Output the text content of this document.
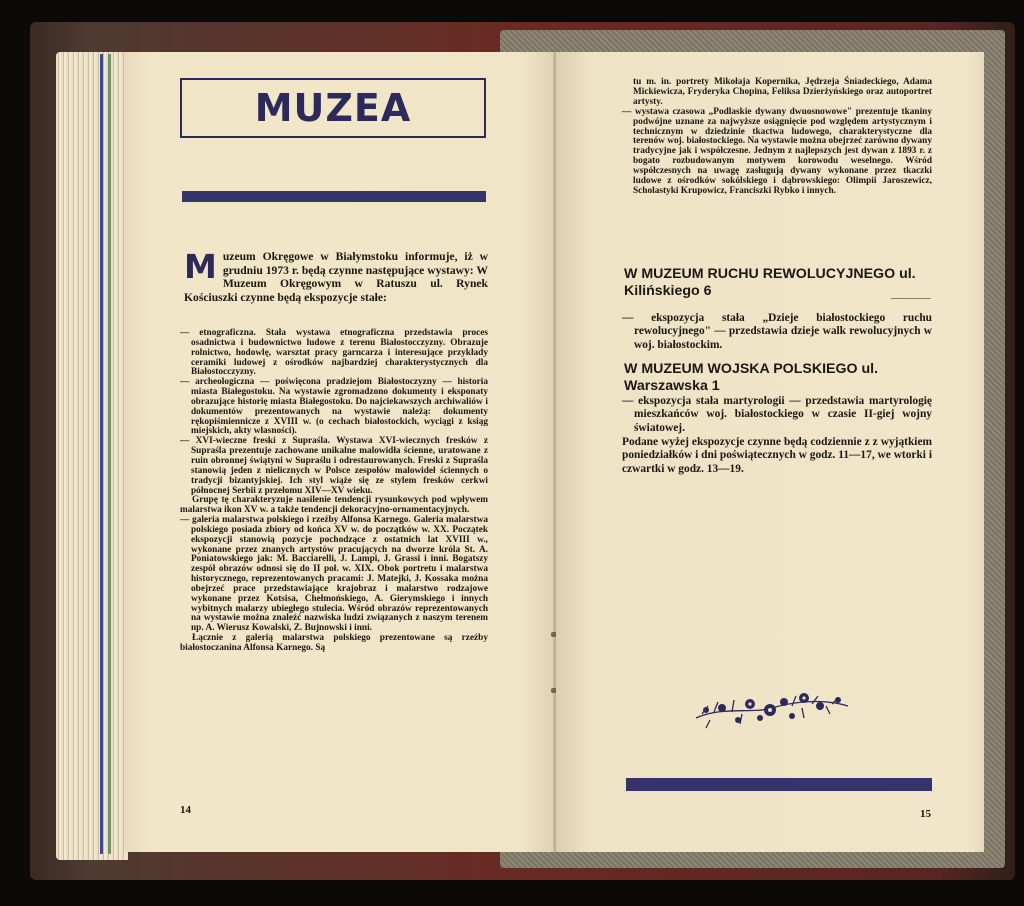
MUZEA
Muzeum Okręgowe w Białymstoku informuje, iż w grudniu 1973 r. będą czynne następujące wystawy: W Muzeum Okręgowym w Ratuszu ul. Rynek Kościuszki czynne będą ekspozycje stałe:

— etnograficzna. Stała wystawa etnograficzna przedstawia proces osadnictwa i budownictwo ludowe z terenu Białostocczyzny. Obrazuje rolnictwo, hodowlę, warsztat pracy garncarza i interesujące przykłady ceramiki ludowej z ośrodków najbardziej charakterystycznych dla Białostocczyzny.

— archeologiczna — poświęcona pradziejom Białostoczyzny — historia miasta Białegostoku. Na wystawie zgromadzono dokumenty i eksponaty obrazujące historię miasta Białegostoku. Do najciekawszych archiwaliów i dokumentów prezentowanych na wystawie należą: dokumenty rękopiśmiennicze z XVIII w. (o cechach białostockich, wyciągi z ksiąg miejskich, akty własności).

— XVI-wieczne freski z Supraśla. Wystawa XVI-wiecznych fresków z Supraśla prezentuje zachowane unikalne malowidła ścienne, uratowane z ruin obronnej świątyni w Supraślu i odrestaurowanych. Freski z Supraśla stanowią jeden z nielicznych w Polsce zespołów malowideł ściennych o tradycji bizantyjskiej. Ich styl wiąże się ze stylem fresków cerkwi północnej Serbii z przełomu XIV—XV wieku.

Grupę tę charakteryzuje nasilenie tendencji rysunkowych pod wpływem malarstwa ikon XV w. a także tendencji dekoracyjno-ornamentacyjnych.

— galeria malarstwa polskiego i rzeźby Alfonsa Karnego. Galeria malarstwa polskiego posiada zbiory od końca XV w. do początków w. XX. Początek ekspozycji stanowią pozycje pochodzące z ostatnich lat XVIII w., wykonane przez znanych artystów pracujących na dworze króla St. A. Poniatowskiego jak: M. Bacciarelli, J. Lampi, J. Grassi i inni. Bogatszy zespół obrazów odnosi się do II poł. w. XIX. Obok portretu i malarstwa historycznego, reprezentowanych pracami: J. Matejki, J. Kossaka można obejrzeć prace przedstawiające krajobraz i malarstwo rodzajowe wykonane przez Kotsisa, Chełmońskiego, A. Gierymskiego i innych wybitnych malarzy ubiegłego stulecia. Wśród obrazów reprezentowanych na wystawie można znaleźć nazwiska ludzi związanych z naszym terenem np. A. Wierusz Kowalski, Z. Bujnowski i inni.

Łącznie z galerią malarstwa polskiego prezentowane są rzeźby białostoczanina Alfonsa Karnego. Są

14

tu m. in. portrety Mikołaja Kopernika, Jędrzeja Śniadeckiego, Adama Mickiewicza, Fryderyka Chopina, Feliksa Dzierżyńskiego oraz autoportret artysty.

— wystawa czasowa „Podlaskie dywany dwuosnowowe" prezentuje tkaniny podwójne uznane za najwyższe osiągnięcie pod względem artystycznym i technicznym w dziedzinie tkactwa ludowego, charakterystyczne dla terenów woj. białostockiego. Na wystawie można obejrzeć zarówno dywany tradycyjne jak i współczesne. Jednym z najlepszych jest dywan z 1893 r. z bogato rozbudowanym motywem korowodu weselnego. Wśród współczesnych na uwagę zasługują dywany wykonane przez tkaczki ludowe z ośrodków sokólskiego i dąbrowskiego: Olimpii Jaroszewicz, Scholastyki Krupowicz, Franciszki Rybko i innych.

W MUZEUM RUCHU REWOLUCYJNEGO ul. Kilińskiego 6

— ekspozycja stała „Dzieje białostockiego ruchu rewolucyjnego" — przedstawia dzieje walk rewolucyjnych w woj. białostockim.

W MUZEUM WOJSKA POLSKIEGO ul. Warszawska 1

— ekspozycja stała martyrologii — przedstawia martyrologię mieszkańców woj. białostockiego w czasie II-giej wojny światowej.

Podane wyżej ekspozycje czynne będą codziennie z z wyjątkiem poniedziałków i dni poświątecznych w godz. 11—17, we wtorki i czwartki w godz. 13—19.

15
